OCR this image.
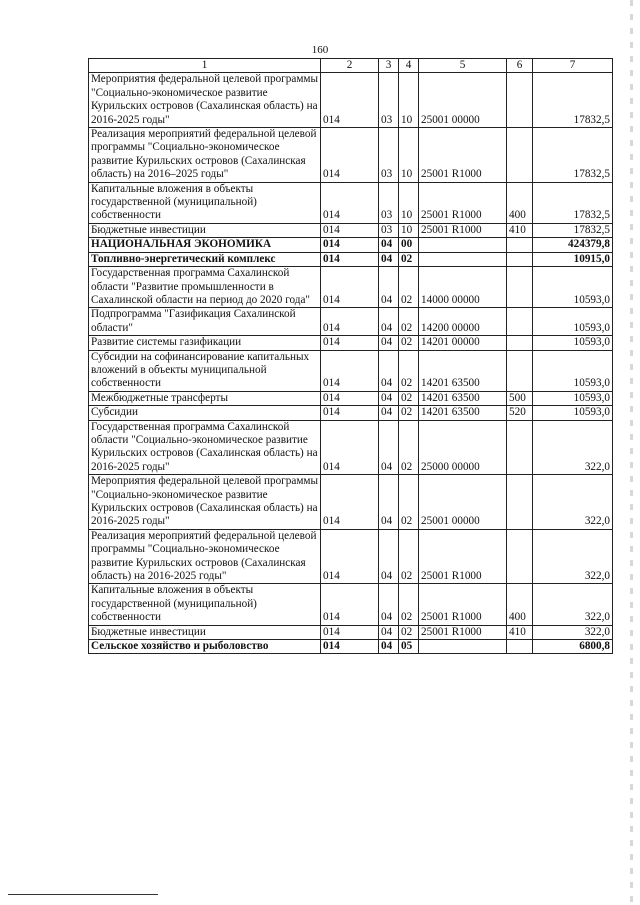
160
1	2	3	4	5	6	7
Мероприятия федеральной целевой программы "Социально-экономическое развитие Курильских островов (Сахалинская область) на 2016-2025 годы"	014	03	10	25001 00000		17832,5
Реализация мероприятий федеральной целевой программы "Социально-экономическое развитие Курильских островов (Сахалинская область) на 2016–2025 годы"	014	03	10	25001 R1000		17832,5
Капитальные вложения в объекты государственной (муниципальной) собственности	014	03	10	25001 R1000	400	17832,5
Бюджетные инвестиции	014	03	10	25001 R1000	410	17832,5
НАЦИОНАЛЬНАЯ ЭКОНОМИКА	014	04	00			424379,8
Топливно-энергетический комплекс	014	04	02			10915,0
Государственная программа Сахалинской области "Развитие промышленности в Сахалинской области на период до 2020 года"	014	04	02	14000 00000		10593,0
Подпрограмма "Газификация Сахалинской области"	014	04	02	14200 00000		10593,0
Развитие системы газификации	014	04	02	14201 00000		10593,0
Субсидии на софинансирование капитальных вложений в объекты муниципальной собственности	014	04	02	14201 63500		10593,0
Межбюджетные трансферты	014	04	02	14201 63500	500	10593,0
Субсидии	014	04	02	14201 63500	520	10593,0
Государственная программа Сахалинской области "Социально-экономическое развитие Курильских островов (Сахалинская область) на 2016-2025 годы"	014	04	02	25000 00000		322,0
Мероприятия федеральной целевой программы "Социально-экономическое развитие Курильских островов (Сахалинская область) на 2016-2025 годы"	014	04	02	25001 00000		322,0
Реализация мероприятий федеральной целевой программы "Социально-экономическое развитие Курильских островов (Сахалинская область) на 2016-2025 годы"	014	04	02	25001 R1000		322,0
Капитальные вложения в объекты государственной (муниципальной) собственности	014	04	02	25001 R1000	400	322,0
Бюджетные инвестиции	014	04	02	25001 R1000	410	322,0
Сельское хозяйство и рыболовство	014	04	05			6800,8
